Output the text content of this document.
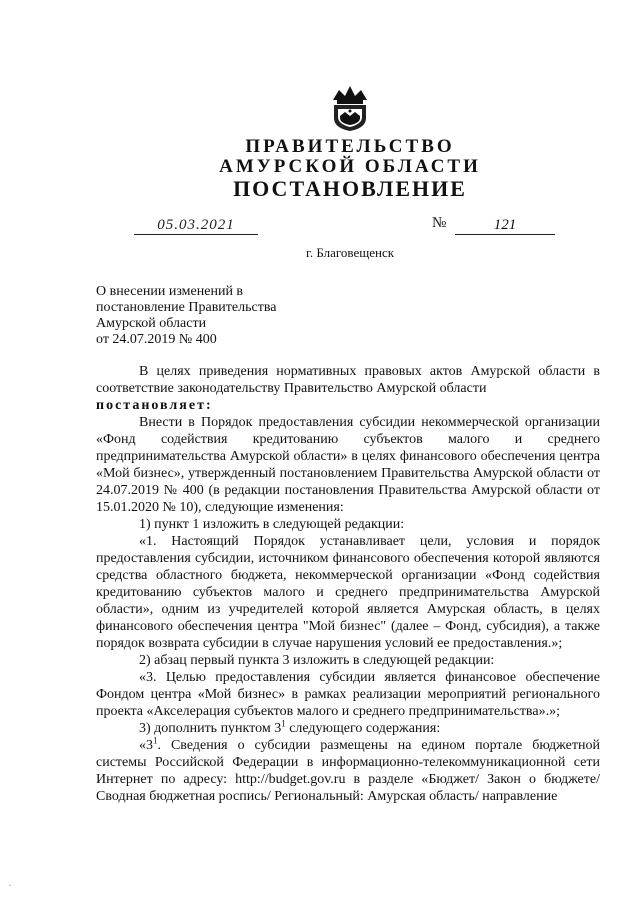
ПРАВИТЕЛЬСТВО
АМУРСКОЙ ОБЛАСТИ
ПОСТАНОВЛЕНИЕ
05.03.2021	№	121
г. Благовещенск
О внесении изменений в
постановление Правительства
Амурской области
от 24.07.2019 № 400

В целях приведения нормативных правовых актов Амурской области в соответствие законодательству Правительство Амурской области

постановляет:

Внести в Порядок предоставления субсидии некоммерческой организации «Фонд содействия кредитованию субъектов малого и среднего предпринимательства Амурской области» в целях финансового обеспечения центра «Мой бизнес», утвержденный постановлением Правительства Амурской области от 24.07.2019 № 400 (в редакции постановления Правительства Амурской области от 15.01.2020 № 10), следующие изменения:

1) пункт 1 изложить в следующей редакции:

«1. Настоящий Порядок устанавливает цели, условия и порядок предоставления субсидии, источником финансового обеспечения которой являются средства областного бюджета, некоммерческой организации «Фонд содействия кредитованию субъектов малого и среднего предпринимательства Амурской области», одним из учредителей которой является Амурская область, в целях финансового обеспечения центра "Мой бизнес" (далее – Фонд, субсидия), а также порядок возврата субсидии в случае нарушения условий ее предоставления.»;

2) абзац первый пункта 3 изложить в следующей редакции:

«3. Целью предоставления субсидии является финансовое обеспечение Фондом центра «Мой бизнес» в рамках реализации мероприятий регионального проекта «Акселерация субъектов малого и среднего предпринимательства».»;

3) дополнить пунктом $3^1$ следующего содержания:

«$3^1$. Сведения о субсидии размещены на едином портале бюджетной системы Российской Федерации в информационно-телекоммуникационной сети Интернет по адресу: http://budget.gov.ru в разделе «Бюджет/ Закон о бюджете/ Сводная бюджетная роспись/ Региональный: Амурская область/ направление

·
